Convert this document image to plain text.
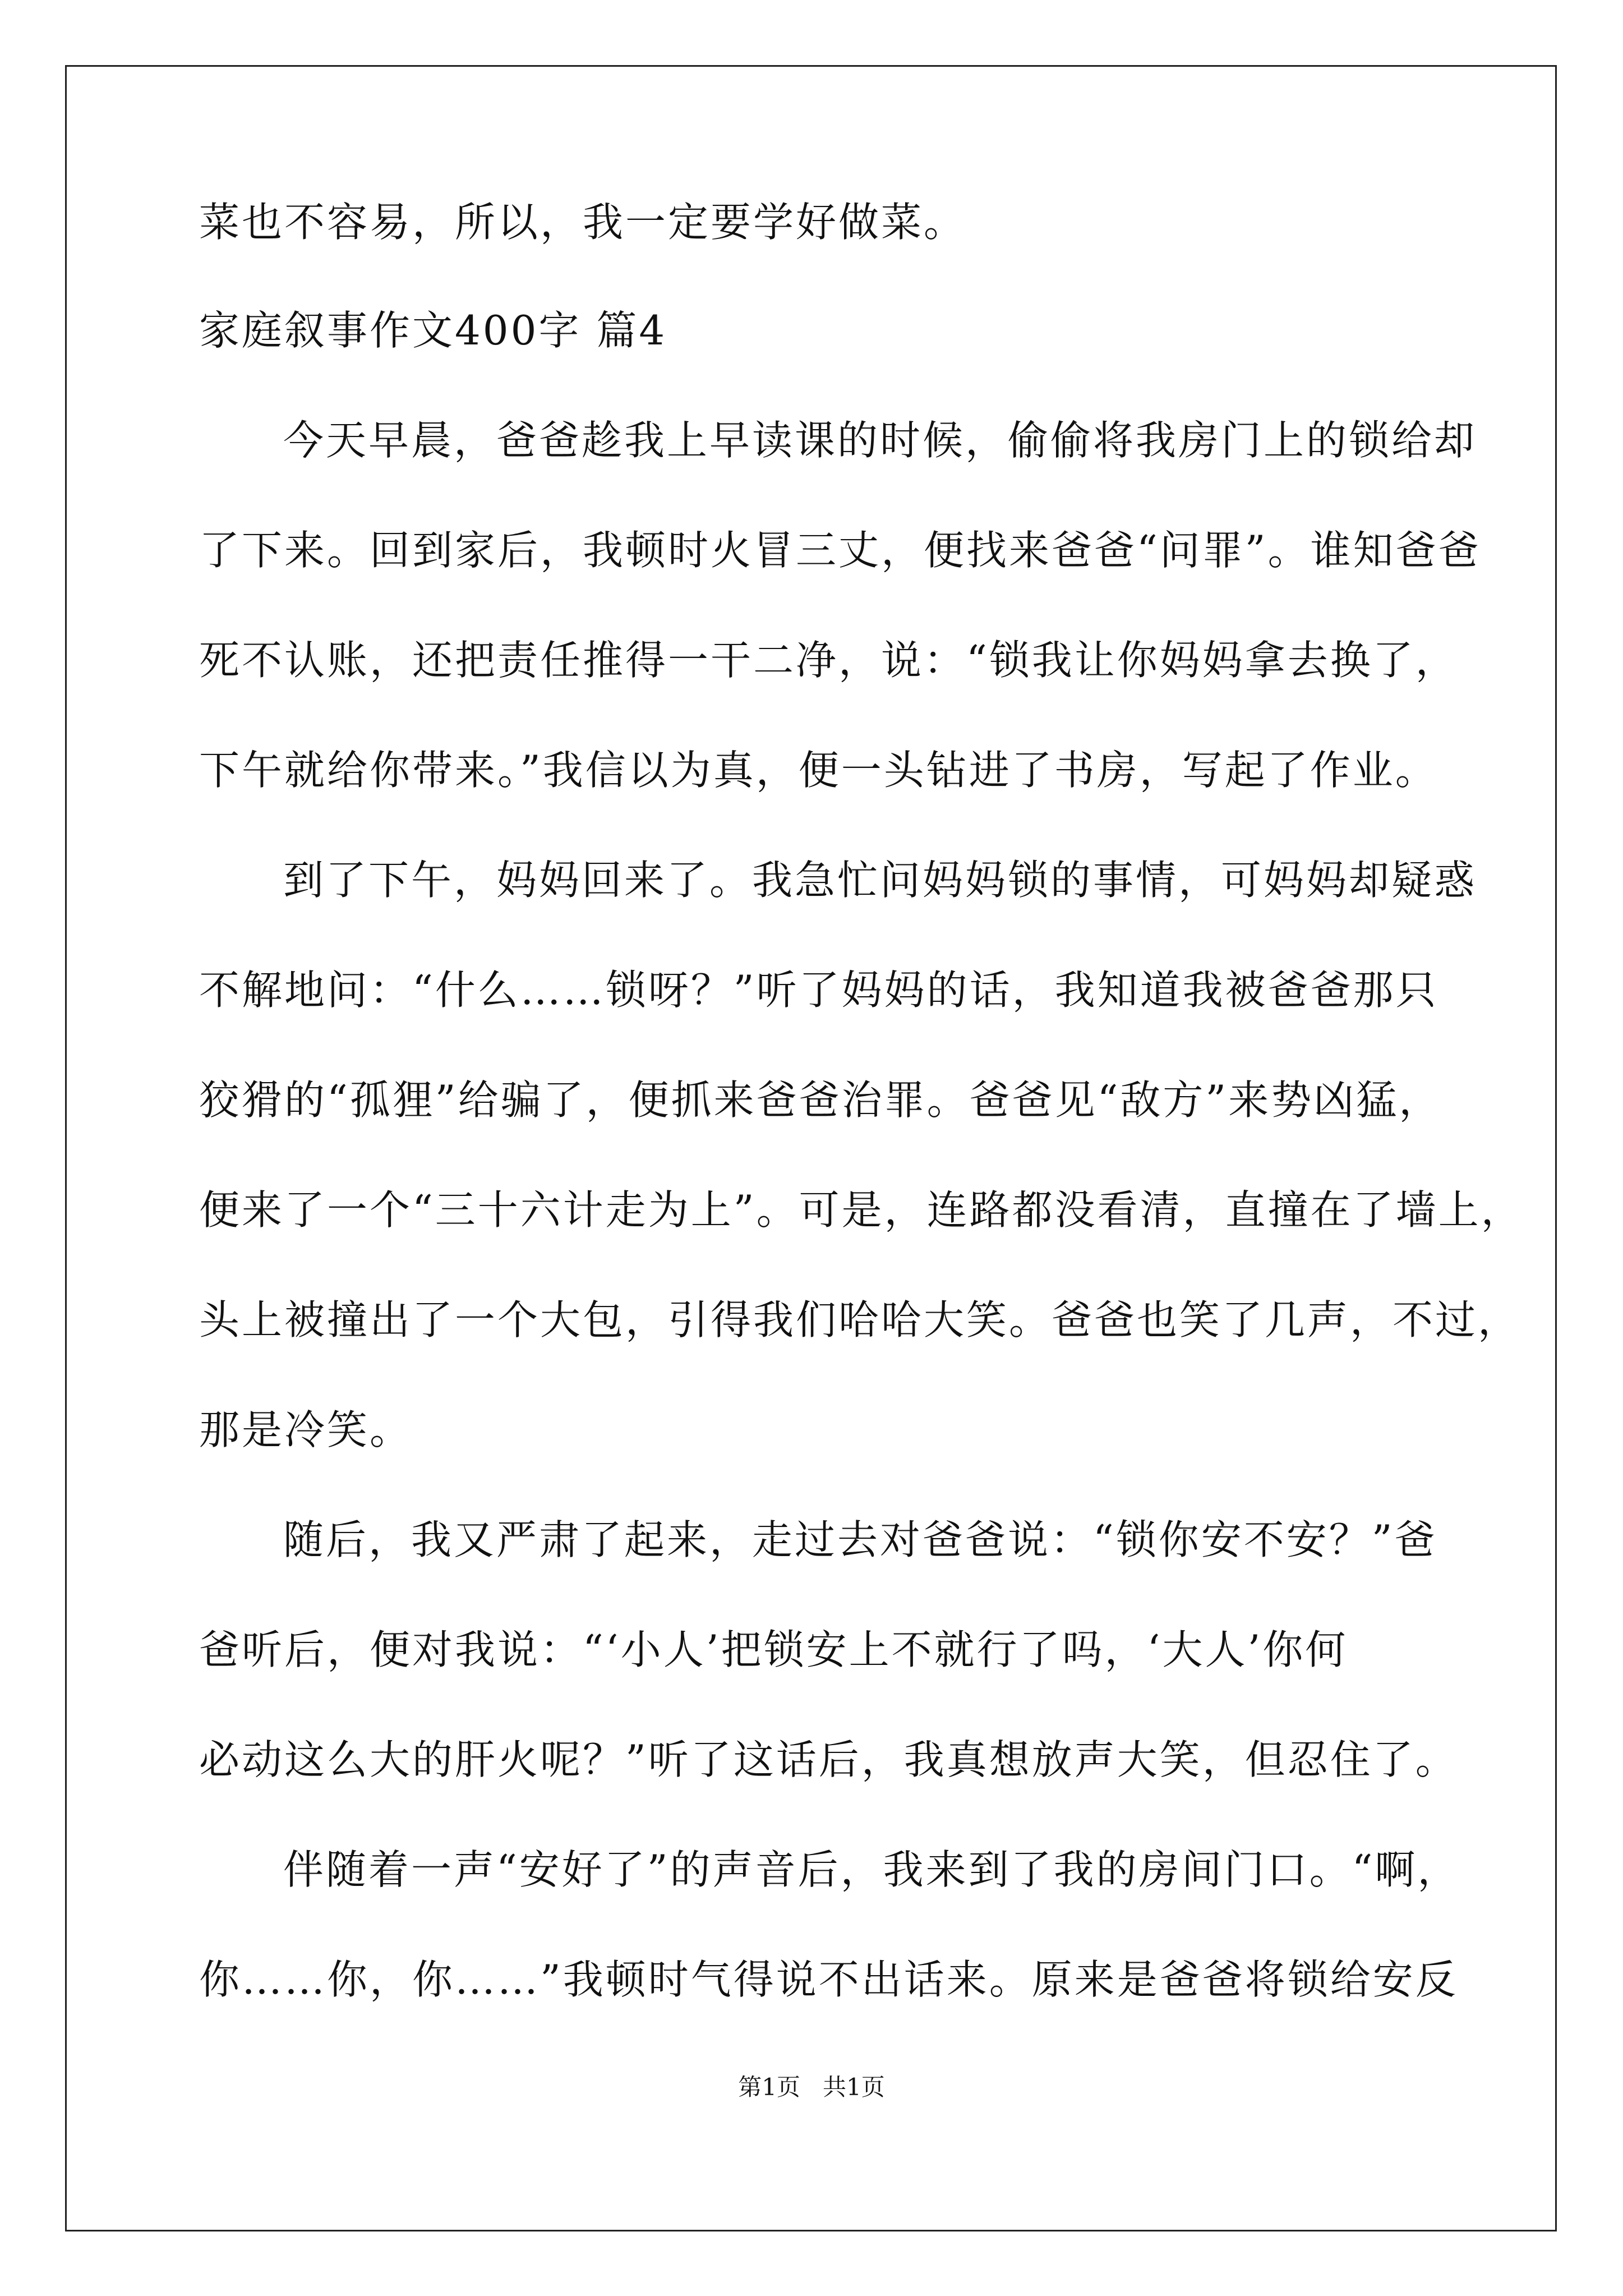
菜也不容易，所以，我一定要学好做菜。
家庭叙事作文400字 篇4
今天早晨，爸爸趁我上早读课的时候，偷偷将我房门上的锁给却
了下来。回到家后，我顿时火冒三丈，便找来爸爸“问罪”。谁知爸爸
死不认账，还把责任推得一干二净，说：“锁我让你妈妈拿去换了，
下午就给你带来。”我信以为真，便一头钻进了书房，写起了作业。
到了下午，妈妈回来了。我急忙问妈妈锁的事情，可妈妈却疑惑
不解地问：“什么……锁呀？”听了妈妈的话，我知道我被爸爸那只
狡猾的“孤狸”给骗了，便抓来爸爸治罪。爸爸见“敌方”来势凶猛，
便来了一个“三十六计走为上”。可是，连路都没看清，直撞在了墙上，
头上被撞出了一个大包，引得我们哈哈大笑。爸爸也笑了几声，不过，
那是冷笑。
随后，我又严肃了起来，走过去对爸爸说：“锁你安不安？”爸
爸听后，便对我说：“‘小人’把锁安上不就行了吗，‘大人’你何
必动这么大的肝火呢？”听了这话后，我真想放声大笑，但忍住了。
伴随着一声“安好了”的声音后，我来到了我的房间门口。“啊，
你……你，你……”我顿时气得说不出话来。原来是爸爸将锁给安反
第1页   共1页
